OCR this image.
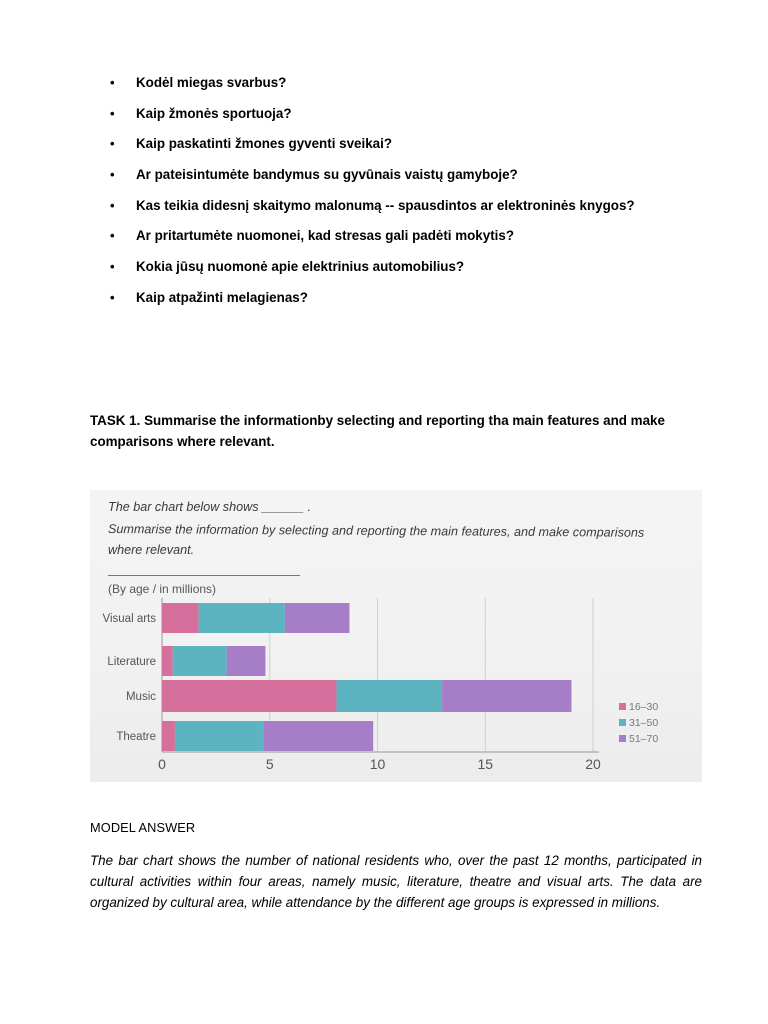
• Kodėl miegas svarbus?
• Kaip žmonės sportuoja?
• Kaip paskatinti žmones gyventi sveikai?
• Ar pateisintumėte bandymus su gyvūnais vaistų gamyboje?
• Kas teikia didesnį skaitymo malonumą -- spausdintos ar elektroninės knygos?
• Ar pritartumėte nuomonei, kad stresas gali padėti mokytis?
• Kokia jūsų nuomonė apie elektrinius automobilius?
• Kaip atpažinti melagienas?
TASK 1. Summarise the informationby selecting and reporting tha main features and make comparisons where relevant.
The bar chart below shows ______ .
Summarise the information by selecting and reporting the main features, and make comparisons
where relevant.
(By age / in millions)
0	5	10	15	20
Visual arts
Literature
Music
Theatre
16–30
31–50
51–70
MODEL ANSWER
The bar chart shows the number of national residents who, over the past 12 months, participated in cultural activities within four areas, namely music, literature, theatre and visual arts. The data are organized by cultural area, while attendance by the different age groups is expressed in millions.
